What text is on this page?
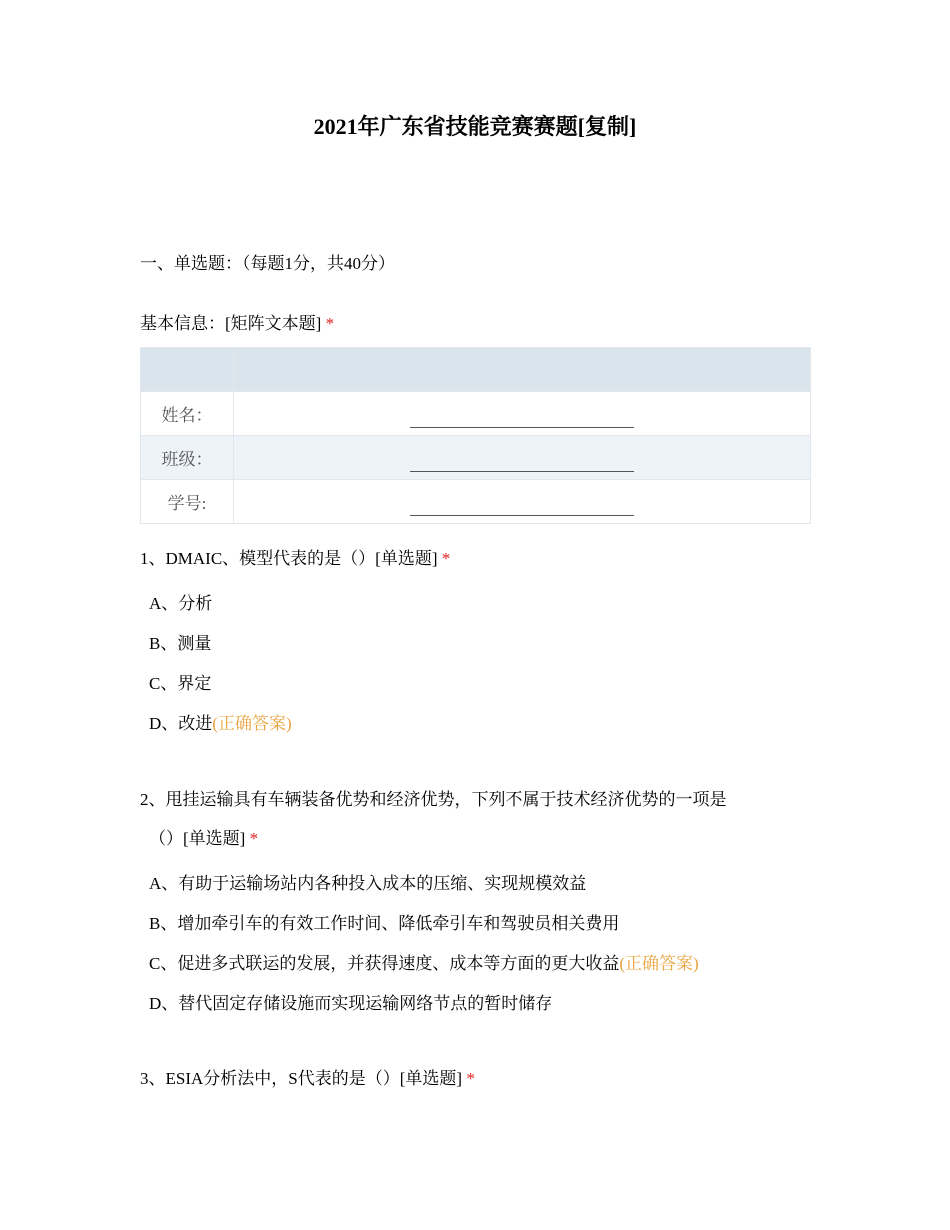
2021年广东省技能竞赛赛题[复制]
一、单选题：（每题1分，共40分）
基本信息：[矩阵文本题] *

姓名：	
班级：	
学号:	
1、DMAIC、模型代表的是（）[单选题] *
A、分析
B、测量
C、界定
D、改进(正确答案)
2、甩挂运输具有车辆装备优势和经济优势，下列不属于技术经济优势的一项是
（）[单选题] *
A、有助于运输场站内各种投入成本的压缩、实现规模效益
B、增加牵引车的有效工作时间、降低牵引车和驾驶员相关费用
C、促进多式联运的发展，并获得速度、成本等方面的更大收益(正确答案)
D、替代固定存储设施而实现运输网络节点的暂时储存
3、ESIA分析法中，S代表的是（）[单选题] *
